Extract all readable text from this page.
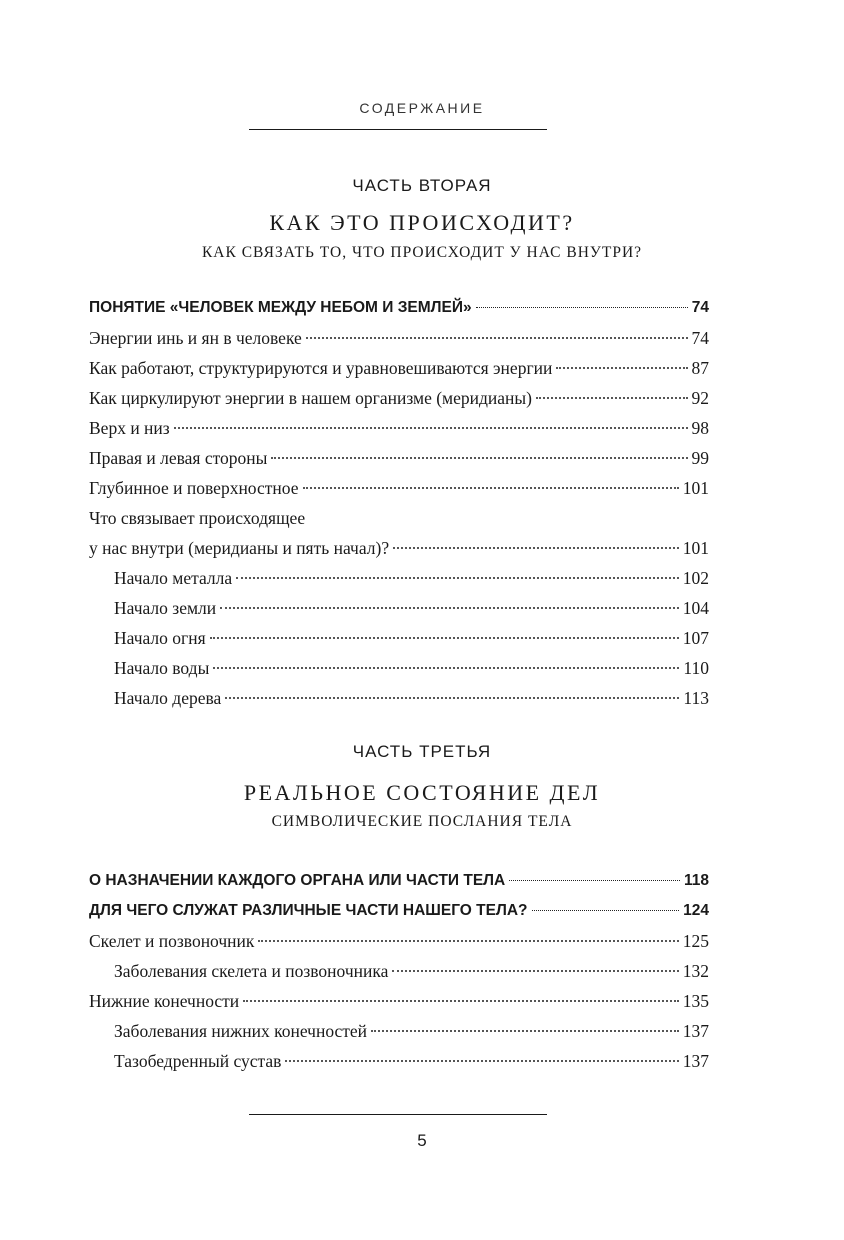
СОДЕРЖАНИЕ
ЧАСТЬ ВТОРАЯ
КАК ЭТО ПРОИСХОДИТ?
КАК СВЯЗАТЬ ТО, ЧТО ПРОИСХОДИТ У НАС ВНУТРИ?
ПОНЯТИЕ «ЧЕЛОВЕК МЕЖДУ НЕБОМ И ЗЕМЛЕЙ»	74
Энергии инь и ян в человеке	74
Как работают, структурируются и уравновешиваются энергии	87
Как циркулируют энергии в нашем организме (меридианы)	92
Верх и низ	98
Правая и левая стороны	99
Глубинное и поверхностное	101
Что связывает происходящее
у нас внутри (меридианы и пять начал)?	101
Начало металла	102
Начало земли	104
Начало огня	107
Начало воды	110
Начало дерева	113
ЧАСТЬ ТРЕТЬЯ
РЕАЛЬНОЕ СОСТОЯНИЕ ДЕЛ
СИМВОЛИЧЕСКИЕ ПОСЛАНИЯ ТЕЛА
О НАЗНАЧЕНИИ КАЖДОГО ОРГАНА ИЛИ ЧАСТИ ТЕЛА	118
ДЛЯ ЧЕГО СЛУЖАТ РАЗЛИЧНЫЕ ЧАСТИ НАШЕГО ТЕЛА?	124
Скелет и позвоночник	125
Заболевания скелета и позвоночника	132
Нижние конечности	135
Заболевания нижних конечностей	137
Тазобедренный сустав	137
5
